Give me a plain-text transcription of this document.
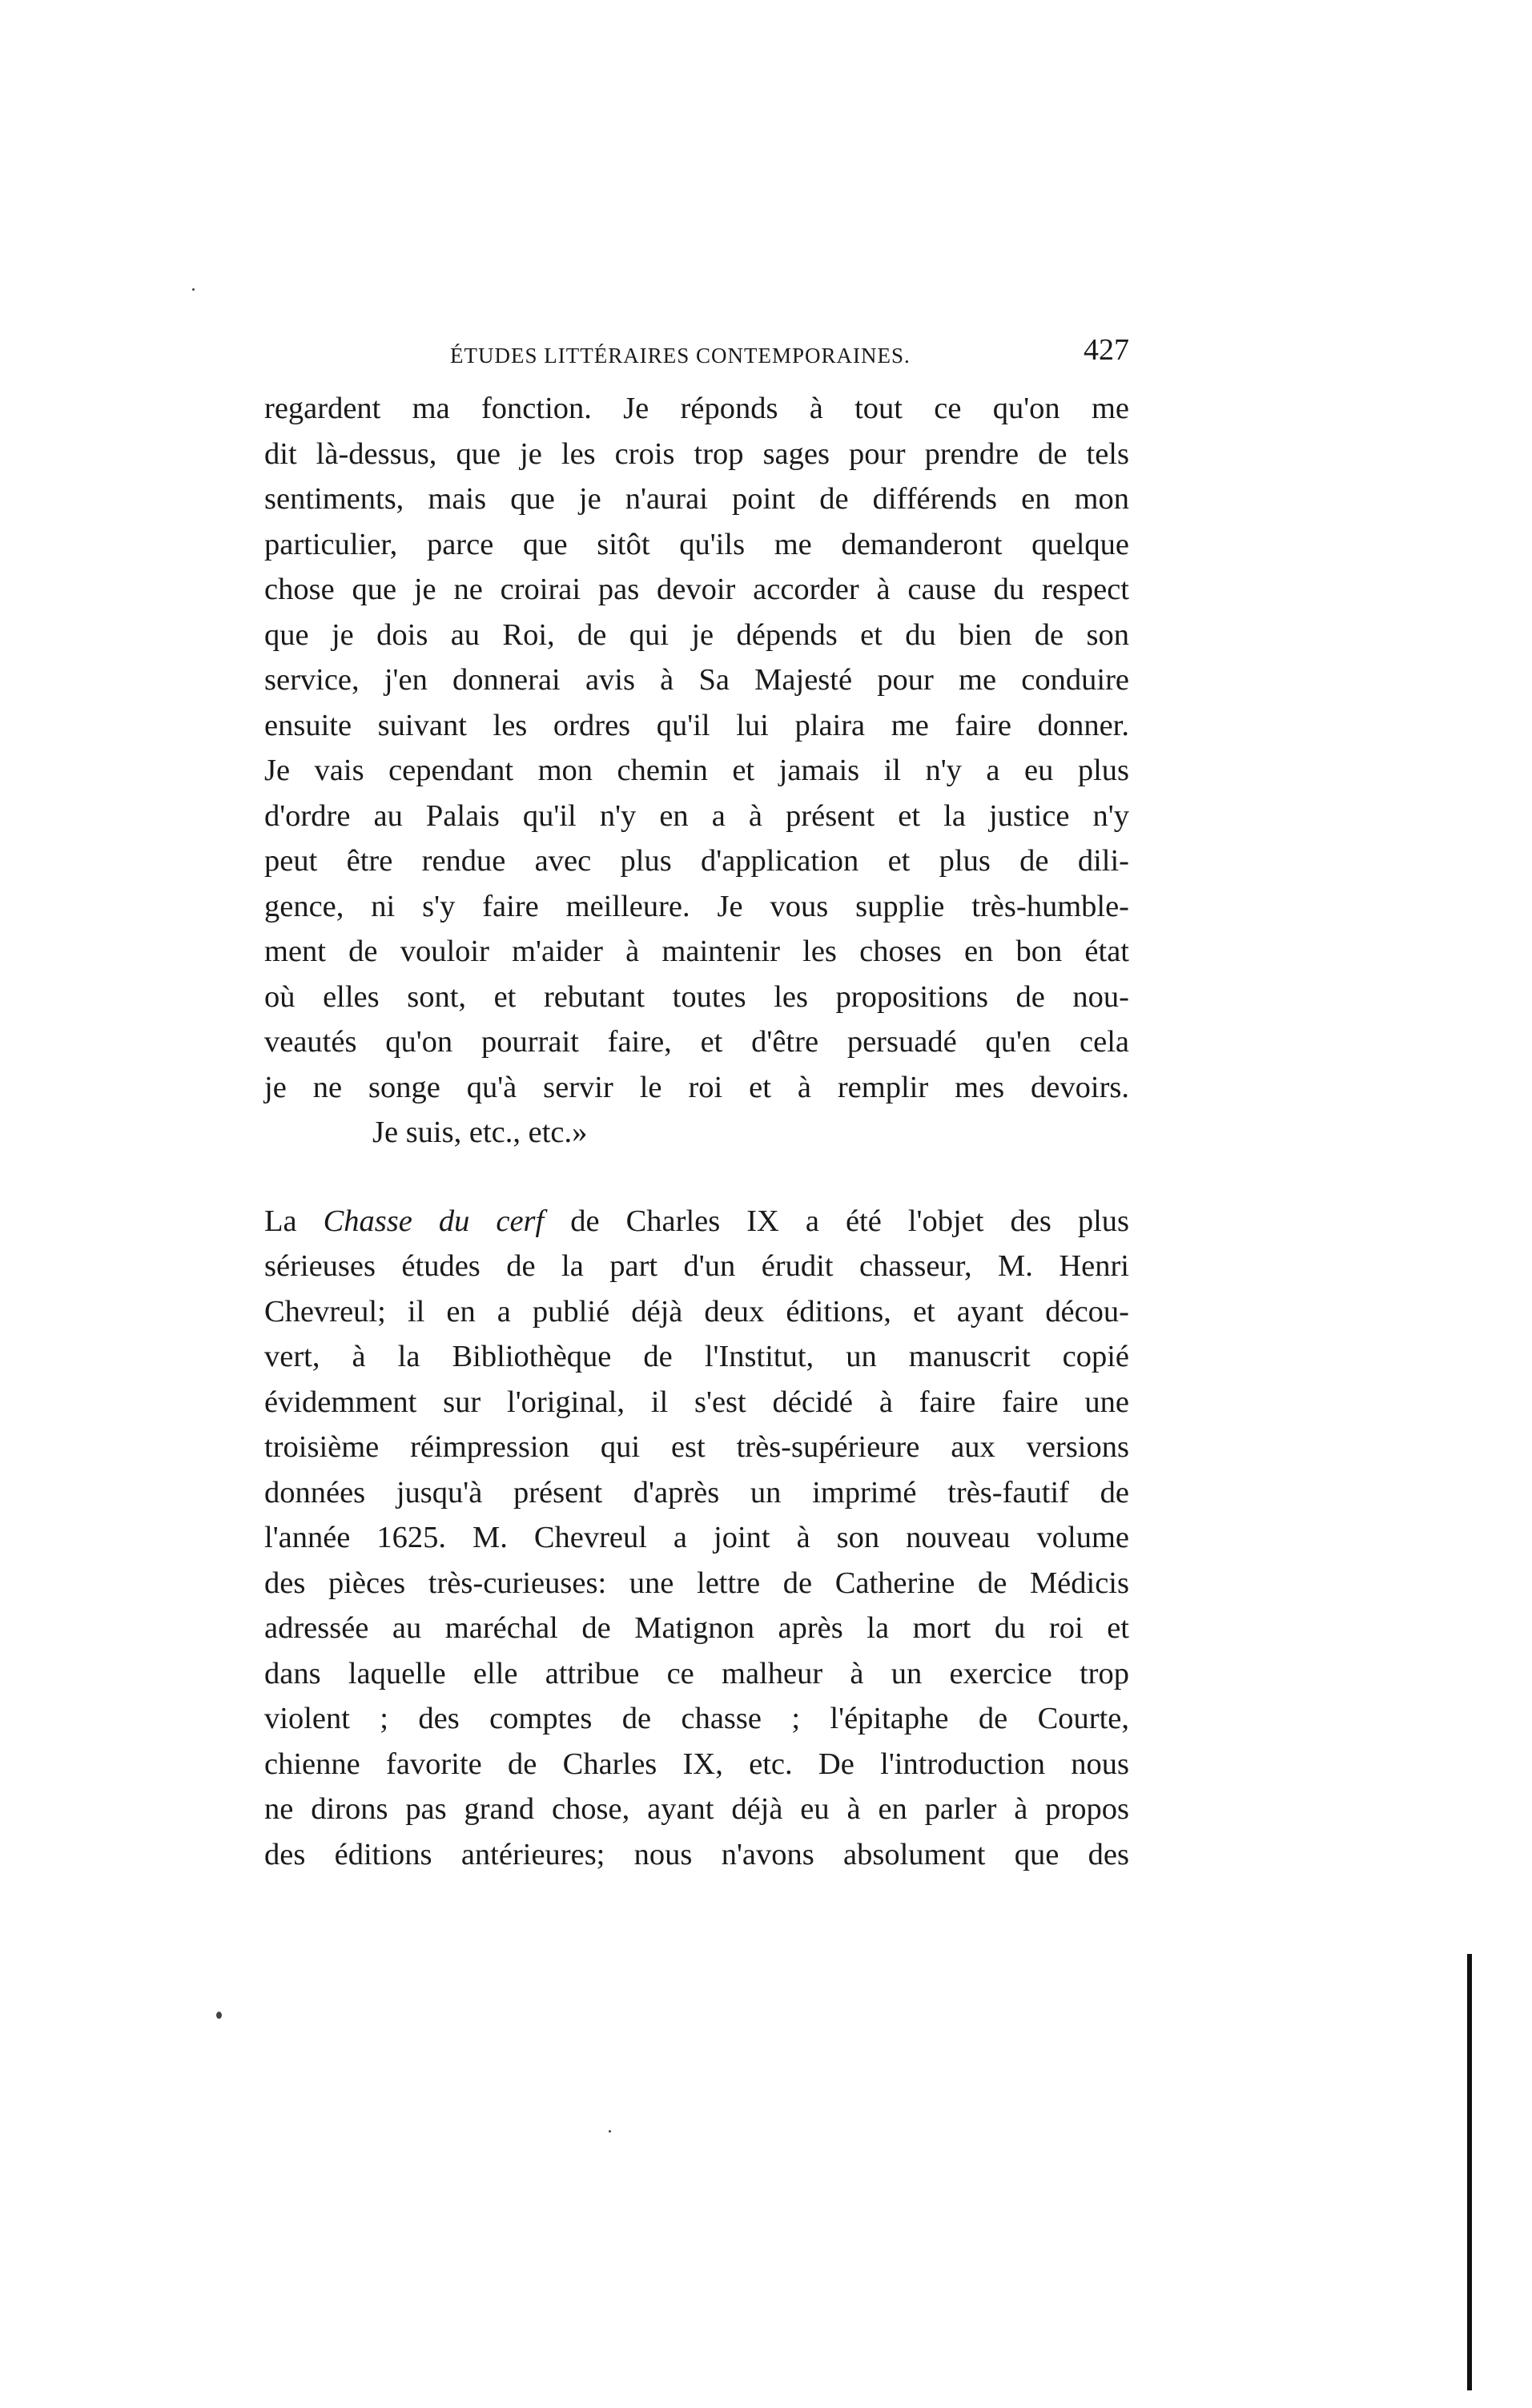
ÉTUDES LITTÉRAIRES CONTEMPORAINES.	427
regardent ma fonction. Je réponds à tout ce qu'on me
dit là-dessus, que je les crois trop sages pour prendre de tels
sentiments, mais que je n'aurai point de différends en mon
particulier, parce que sitôt qu'ils me demanderont quelque
chose que je ne croirai pas devoir accorder à cause du respect
que je dois au Roi, de qui je dépends et du bien de son
service, j'en donnerai avis à Sa Majesté pour me conduire
ensuite suivant les ordres qu'il lui plaira me faire donner.
Je vais cependant mon chemin et jamais il n'y a eu plus
d'ordre au Palais qu'il n'y en a à présent et la justice n'y
peut être rendue avec plus d'application et plus de dili-
gence, ni s'y faire meilleure. Je vous supplie très-humble-
ment de vouloir m'aider à maintenir les choses en bon état
où elles sont, et rebutant toutes les propositions de nou-
veautés qu'on pourrait faire, et d'être persuadé qu'en cela
je ne songe qu'à servir le roi et à remplir mes devoirs.
Je suis, etc., etc.»
La Chasse du cerf de Charles IX a été l'objet des plus
sérieuses études de la part d'un érudit chasseur, M. Henri
Chevreul; il en a publié déjà deux éditions, et ayant décou-
vert, à la Bibliothèque de l'Institut, un manuscrit copié
évidemment sur l'original, il s'est décidé à faire faire une
troisième réimpression qui est très-supérieure aux versions
données jusqu'à présent d'après un imprimé très-fautif de
l'année 1625. M. Chevreul a joint à son nouveau volume
des pièces très-curieuses: une lettre de Catherine de Médicis
adressée au maréchal de Matignon après la mort du roi et
dans laquelle elle attribue ce malheur à un exercice trop
violent ; des comptes de chasse ; l'épitaphe de Courte,
chienne favorite de Charles IX, etc. De l'introduction nous
ne dirons pas grand chose, ayant déjà eu à en parler à propos
des éditions antérieures; nous n'avons absolument que des
